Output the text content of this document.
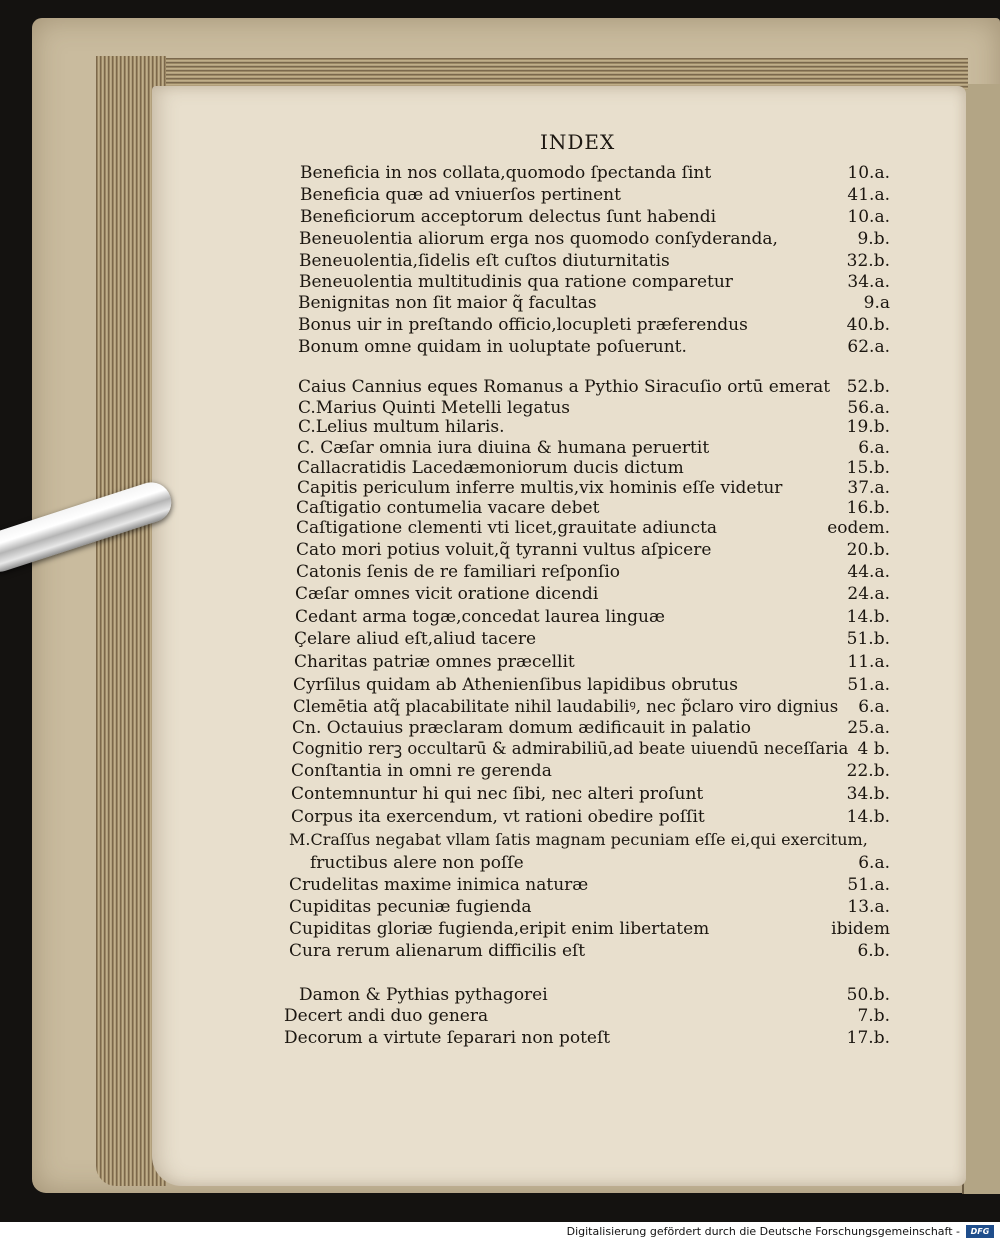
INDEX
Beneficia in nos collata,quomodo ſpectanda ſint	10.a.
Beneficia quæ ad vniuerſos pertinent	41.a.
Beneficiorum acceptorum delectus ſunt habendi	10.a.
Beneuolentia aliorum erga nos quomodo conſyderanda,	9.b.
Beneuolentia,ſidelis eſt cuſtos diuturnitatis	32.b.
Beneuolentia multitudinis qua ratione comparetur	34.a.
Benignitas non ſit maior q̃ facultas	9.a
Bonus uir in preſtando officio,locupleti præferendus	40.b.
Bonum omne quidam in uoluptate poſuerunt.	62.a.
Caius Cannius eques Romanus a Pythio Siracuſio ortū emerat 52.b.
C.Marius Quinti Metelli legatus	56.a.
C.Lelius multum hilaris.	19.b.
C. Cæſar omnia iura diuina & humana peruertit	6.a.
Callacratidis Lacedæmoniorum ducis dictum	15.b.
Capitis periculum inferre multis,vix hominis eſſe videtur	37.a.
Caſtigatio contumelia vacare debet	16.b.
Caſtigatione clementi vti licet,grauitate adiuncta	eodem.
Cato mori potius voluit,q̃ tyranni vultus aſpicere	20.b.
Catonis ſenis de re familiari reſponſio	44.a.
Cæſar omnes vicit oratione dicendi	24.a.
Cedant arma togæ,concedat laurea linguæ	14.b.
Çelare aliud eſt,aliud tacere	51.b.
Charitas patriæ omnes præcellit	11.a.
Cyrſilus quidam ab Athenienſibus lapidibus obrutus	51.a.
Clemētia atq̃ placabilitate nihil laudabiliꝰ, nec p̃claro viro dignius 6.a.
Cn. Octauius præclaram domum ædificauit in palatio	25.a.
Cognitio rerꝫ occultarū & admirabiliū,ad beate uiuendū neceſſaria 4 b.
Conſtantia in omni re gerenda	22.b.
Contemnuntur hi qui nec ſibi, nec alteri proſunt	34.b.
Corpus ita exercendum, vt rationi obedire poſſit	14.b.
M.Craſſus negabat vllam ſatis magnam pecuniam eſſe ei,qui exercitum,
fructibus alere non poſſe	6.a.
Crudelitas maxime inimica naturæ	51.a.
Cupiditas pecuniæ fugienda	13.a.
Cupiditas gloriæ fugienda,eripit enim libertatem	ibidem
Cura rerum alienarum difficilis eſt	6.b.
Damon & Pythias pythagorei	50.b.
Decert andi duo genera	7.b.
Decorum a virtute ſeparari non poteſt	17.b.
Digitalisierung gefördert durch die Deutsche Forschungsgemeinschaft -	DFG
